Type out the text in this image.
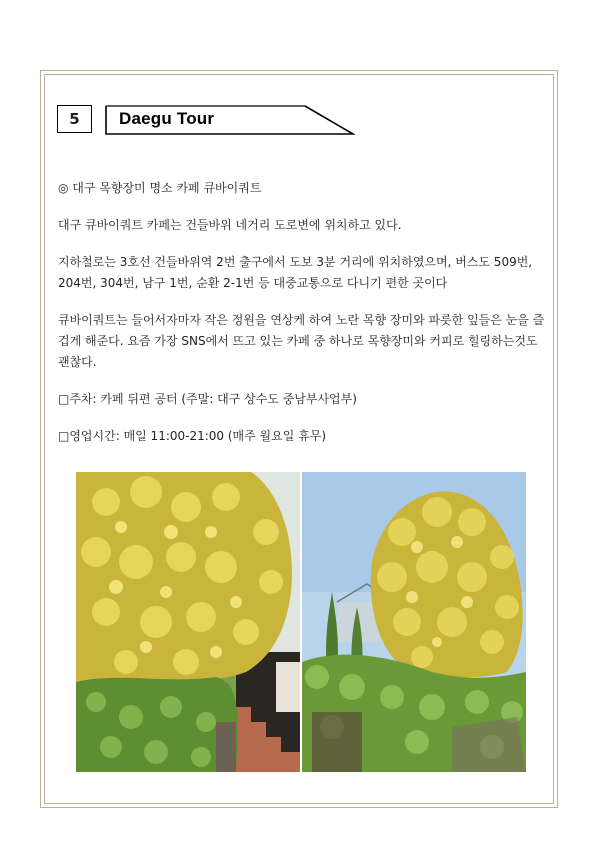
5 Daegu Tour

◎ 대구 목향장미 명소 카페 큐바이쿼트

대구 큐바이쿼트 카페는 건들바위 네거리 도로변에 위치하고 있다.

지하철로는 3호선 건들바위역 2번 출구에서 도보 3분 거리에 위치하였으며, 버스도 509번, 204번, 304번, 남구 1번, 순환 2-1번 등 대중교통으로 다니기 편한 곳이다

큐바이쿼트는 들어서자마자 작은 정원을 연상케 하여 노란 목향 장미와 파릇한 잎들은 눈을 즐겁게 해준다. 요즘 가장 SNS에서 뜨고 있는 카페 중 하나로 목향장미와 커피로 힐링하는것도 괜찮다.

□주차: 카페 뒤편 공터 (주말: 대구 상수도 중남부사업부)

□영업시간: 매일 11:00-21:00 (매주 월요일 휴무)
